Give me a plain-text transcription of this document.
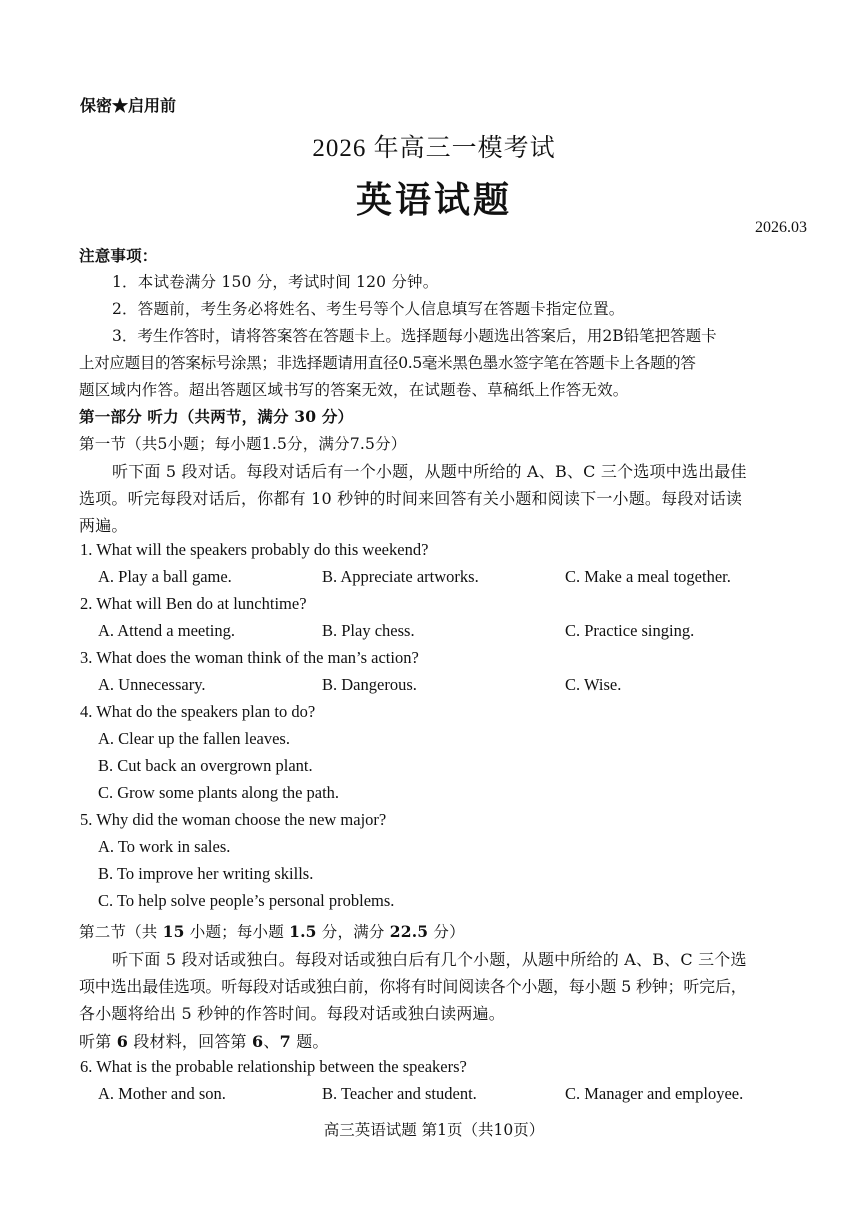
保密★启用前
2026 年高三一模考试
英语试题
2026.03
注意事项：
1．本试卷满分 150 分，考试时间 120 分钟。
2．答题前，考生务必将姓名、考生号等个人信息填写在答题卡指定位置。
3．考生作答时，请将答案答在答题卡上。选择题每小题选出答案后，用2B铅笔把答题卡
上对应题目的答案标号涂黑；非选择题请用直径0.5毫米黑色墨水签字笔在答题卡上各题的答
题区域内作答。超出答题区域书写的答案无效，在试题卷、草稿纸上作答无效。
第一部分 听力（共两节，满分 30 分）
第一节（共5小题；每小题1.5分，满分7.5分）
听下面 5 段对话。每段对话后有一个小题，从题中所给的 A、B、C 三个选项中选出最佳
选项。听完每段对话后，你都有 10 秒钟的时间来回答有关小题和阅读下一小题。每段对话读
两遍。
1. What will the speakers probably do this weekend?
A. Play a ball game.	B. Appreciate artworks.	C. Make a meal together.
2. What will Ben do at lunchtime?
A. Attend a meeting.	B. Play chess.	C. Practice singing.
3. What does the woman think of the man’s action?
A. Unnecessary.	B. Dangerous.	C. Wise.
4. What do the speakers plan to do?
A. Clear up the fallen leaves.
B. Cut back an overgrown plant.
C. Grow some plants along the path.
5. Why did the woman choose the new major?
A. To work in sales.
B. To improve her writing skills.
C. To help solve people’s personal problems.
第二节（共 15 小题；每小题 1.5 分，满分 22.5 分）
听下面 5 段对话或独白。每段对话或独白后有几个小题，从题中所给的 A、B、C 三个选
项中选出最佳选项。听每段对话或独白前，你将有时间阅读各个小题，每小题 5 秒钟；听完后，
各小题将给出 5 秒钟的作答时间。每段对话或独白读两遍。
听第 6 段材料，回答第 6、7 题。
6. What is the probable relationship between the speakers?
A. Mother and son.	B. Teacher and student.	C. Manager and employee.
高三英语试题 第1页（共10页）
